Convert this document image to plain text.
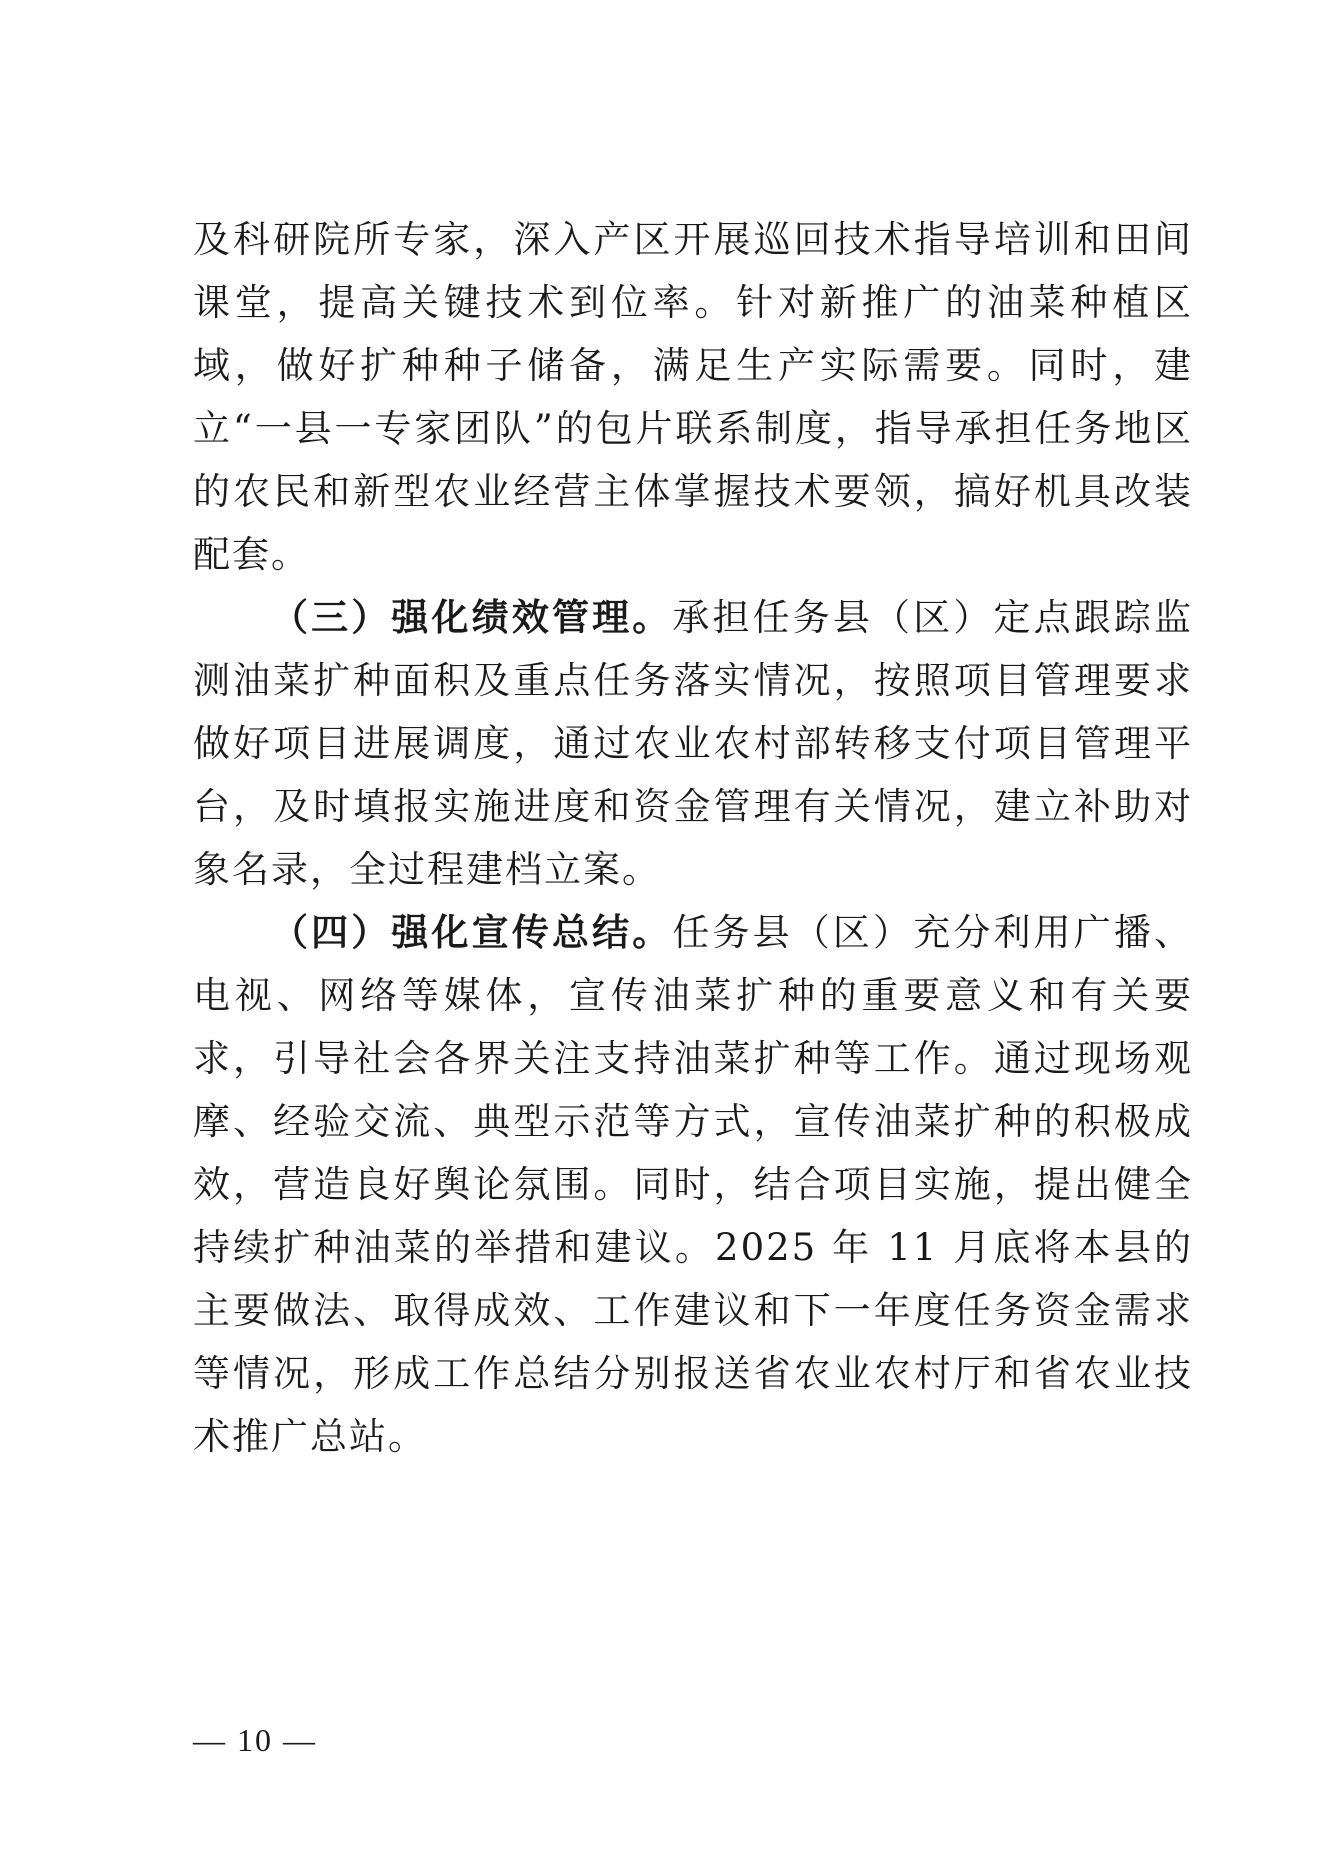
及科研院所专家，深入产区开展巡回技术指导培训和田间课堂，提高关键技术到位率。针对新推广的油菜种植区域，做好扩种种子储备，满足生产实际需要。同时，建立“一县一专家团队”的包片联系制度，指导承担任务地区的农民和新型农业经营主体掌握技术要领，搞好机具改装配套。

（三）强化绩效管理。承担任务县（区）定点跟踪监测油菜扩种面积及重点任务落实情况，按照项目管理要求做好项目进展调度，通过农业农村部转移支付项目管理平台，及时填报实施进度和资金管理有关情况，建立补助对象名录，全过程建档立案。

（四）强化宣传总结。任务县（区）充分利用广播、电视、网络等媒体，宣传油菜扩种的重要意义和有关要求，引导社会各界关注支持油菜扩种等工作。通过现场观摩、经验交流、典型示范等方式，宣传油菜扩种的积极成效，营造良好舆论氛围。同时，结合项目实施，提出健全持续扩种油菜的举措和建议。2025 年 11 月底将本县的主要做法、取得成效、工作建议和下一年度任务资金需求等情况，形成工作总结分别报送省农业农村厅和省农业技术推广总站。

— 10 —
